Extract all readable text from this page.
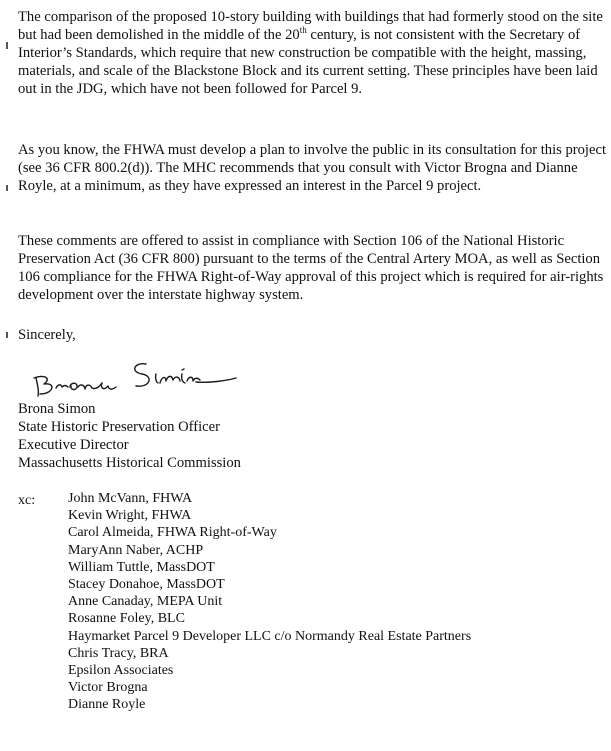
The comparison of the proposed 10-story building with buildings that had formerly stood on the site but had been demolished in the middle of the 20th century, is not consistent with the Secretary of Interior’s Standards, which require that new construction be compatible with the height, massing, materials, and scale of the Blackstone Block and its current setting. These principles have been laid out in the JDG, which have not been followed for Parcel 9.

As you know, the FHWA must develop a plan to involve the public in its consultation for this project (see 36 CFR 800.2(d)). The MHC recommends that you consult with Victor Brogna and Dianne Royle, at a minimum, as they have expressed an interest in the Parcel 9 project.

These comments are offered to assist in compliance with Section 106 of the National Historic Preservation Act (36 CFR 800) pursuant to the terms of the Central Artery MOA, as well as Section 106 compliance for the FHWA Right-of-Way approval of this project which is required for air-rights development over the interstate highway system.

Sincerely,
Brona Simon
State Historic Preservation Officer
Executive Director
Massachusetts Historical Commission
xc: John McVann, FHWA
Kevin Wright, FHWA
Carol Almeida, FHWA Right-of-Way
MaryAnn Naber, ACHP
William Tuttle, MassDOT
Stacey Donahoe, MassDOT
Anne Canaday, MEPA Unit
Rosanne Foley, BLC
Haymarket Parcel 9 Developer LLC c/o Normandy Real Estate Partners
Chris Tracy, BRA
Epsilon Associates
Victor Brogna
Dianne Royle
